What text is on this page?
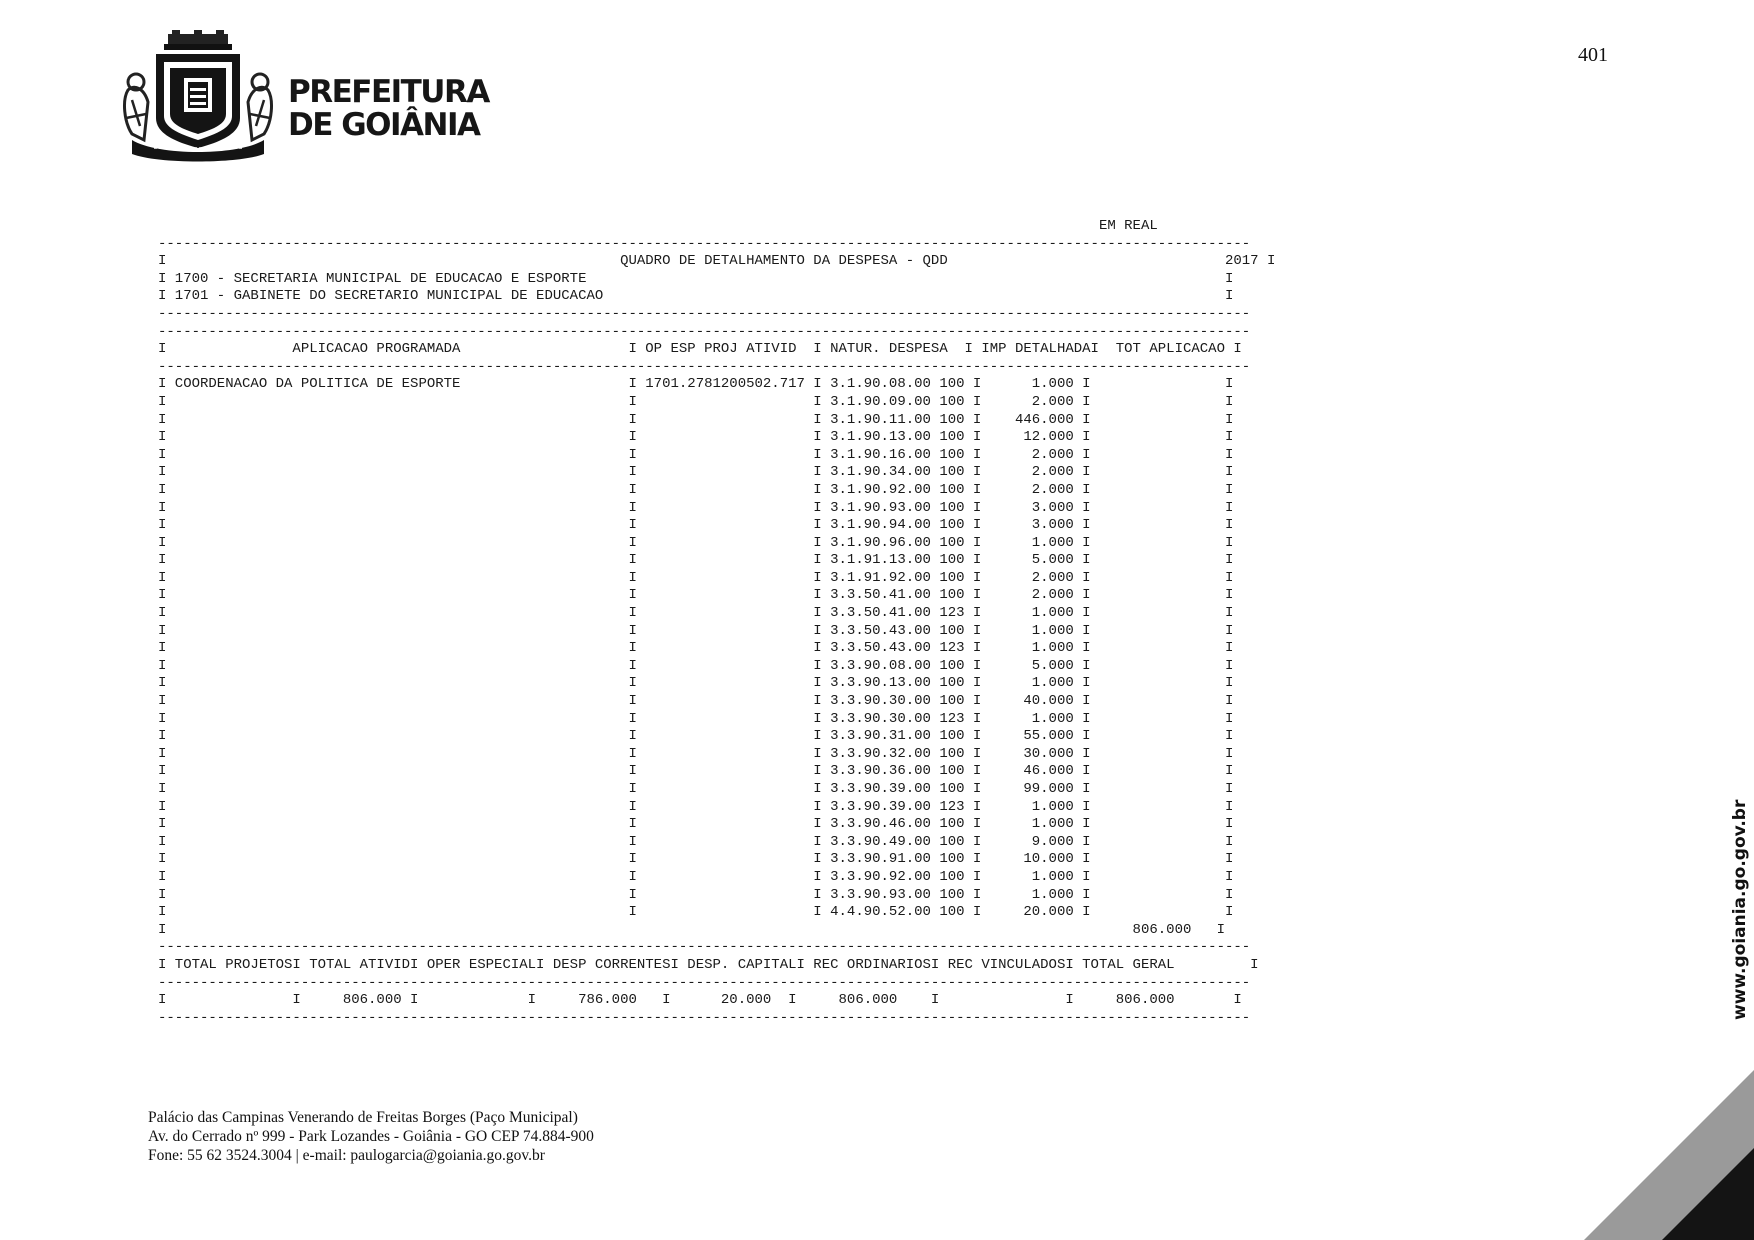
PREFEITURA
DE GOIÂNIA
401
EM REAL
----------------------------------------------------------------------------------------------------------------------------------
I                                                      QUADRO DE DETALHAMENTO DA DESPESA - QDD                                 2017 I
I 1700 - SECRETARIA MUNICIPAL DE EDUCACAO E ESPORTE                                                                            I
I 1701 - GABINETE DO SECRETARIO MUNICIPAL DE EDUCACAO                                                                          I
----------------------------------------------------------------------------------------------------------------------------------
----------------------------------------------------------------------------------------------------------------------------------
I               APLICACAO PROGRAMADA                    I OP ESP PROJ ATIVID  I NATUR. DESPESA  I IMP DETALHADAI  TOT APLICACAO I
----------------------------------------------------------------------------------------------------------------------------------
I COORDENACAO DA POLITICA DE ESPORTE                    I 1701.2781200502.717 I 3.1.90.08.00 100 I      1.000 I                I
I                                                       I                     I 3.1.90.09.00 100 I      2.000 I                I
I                                                       I                     I 3.1.90.11.00 100 I    446.000 I                I
I                                                       I                     I 3.1.90.13.00 100 I     12.000 I                I
I                                                       I                     I 3.1.90.16.00 100 I      2.000 I                I
I                                                       I                     I 3.1.90.34.00 100 I      2.000 I                I
I                                                       I                     I 3.1.90.92.00 100 I      2.000 I                I
I                                                       I                     I 3.1.90.93.00 100 I      3.000 I                I
I                                                       I                     I 3.1.90.94.00 100 I      3.000 I                I
I                                                       I                     I 3.1.90.96.00 100 I      1.000 I                I
I                                                       I                     I 3.1.91.13.00 100 I      5.000 I                I
I                                                       I                     I 3.1.91.92.00 100 I      2.000 I                I
I                                                       I                     I 3.3.50.41.00 100 I      2.000 I                I
I                                                       I                     I 3.3.50.41.00 123 I      1.000 I                I
I                                                       I                     I 3.3.50.43.00 100 I      1.000 I                I
I                                                       I                     I 3.3.50.43.00 123 I      1.000 I                I
I                                                       I                     I 3.3.90.08.00 100 I      5.000 I                I
I                                                       I                     I 3.3.90.13.00 100 I      1.000 I                I
I                                                       I                     I 3.3.90.30.00 100 I     40.000 I                I
I                                                       I                     I 3.3.90.30.00 123 I      1.000 I                I
I                                                       I                     I 3.3.90.31.00 100 I     55.000 I                I
I                                                       I                     I 3.3.90.32.00 100 I     30.000 I                I
I                                                       I                     I 3.3.90.36.00 100 I     46.000 I                I
I                                                       I                     I 3.3.90.39.00 100 I     99.000 I                I
I                                                       I                     I 3.3.90.39.00 123 I      1.000 I                I
I                                                       I                     I 3.3.90.46.00 100 I      1.000 I                I
I                                                       I                     I 3.3.90.49.00 100 I      9.000 I                I
I                                                       I                     I 3.3.90.91.00 100 I     10.000 I                I
I                                                       I                     I 3.3.90.92.00 100 I      1.000 I                I
I                                                       I                     I 3.3.90.93.00 100 I      1.000 I                I
I                                                       I                     I 4.4.90.52.00 100 I     20.000 I                I
I                                                                                                                   806.000   I
----------------------------------------------------------------------------------------------------------------------------------
I TOTAL PROJETOSI TOTAL ATIVIDI OPER ESPECIALI DESP CORRENTESI DESP. CAPITALI REC ORDINARIOSI REC VINCULADOSI TOTAL GERAL         I
----------------------------------------------------------------------------------------------------------------------------------
I               I     806.000 I             I     786.000   I      20.000  I     806.000    I               I     806.000       I
----------------------------------------------------------------------------------------------------------------------------------
Palácio das Campinas Venerando de Freitas Borges (Paço Municipal)
Av. do Cerrado nº 999 - Park Lozandes - Goiânia - GO CEP 74.884-900
Fone: 55 62 3524.3004 | e-mail: paulogarcia@goiania.go.gov.br
www.goiania.go.gov.br
